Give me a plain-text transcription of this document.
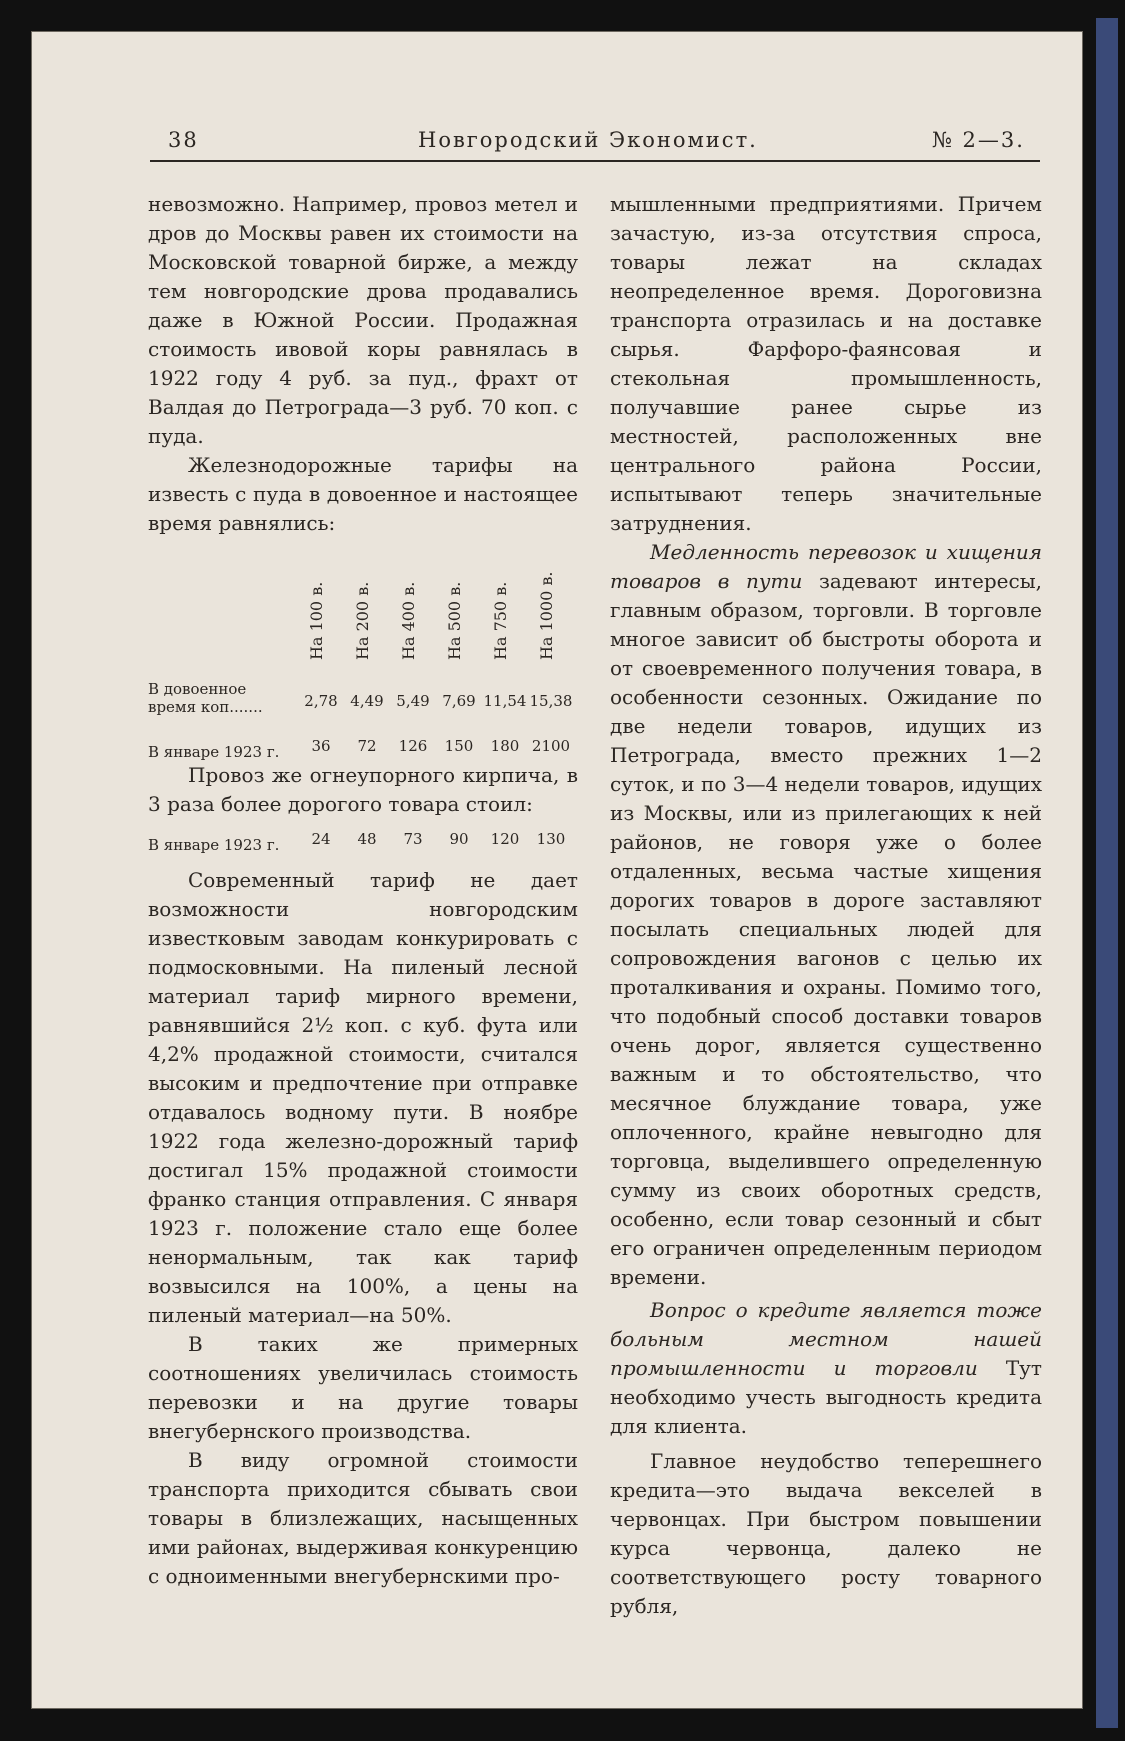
38	Новгородский Экономист.	№ 2—3.

невозможно. Например, провоз метел и дров до Москвы равен их стоимости на Московской товарной бирже, а между тем новгородские дрова продавались даже в Южной России. Продажная стоимость ивовой коры равнялась в 1922 году 4 руб. за пуд., фрахт от Валдая до Петрограда—3 руб. 70 коп. с пуда.

Железнодорожные тарифы на известь с пуда в довоенное и настоящее время равнялись:

	На 100 в.	На 200 в.	На 400 в.	На 500 в.	На 750 в.	На 1000 в.

В довоенное время коп.......	2,78	4,49	5,49	7,69	11,54	15,38

В январе 1923 г.	36	72	126	150	180	2100

Провоз же огнеупорного кирпича, в 3 раза более дорогого товара стоил:

В январе 1923 г.	24	48	73	90	120	130

Современный тариф не дает возможности новгородским известковым заводам конкурировать с подмосковными. На пиленый лесной материал тариф мирного времени, равнявшийся 2½ коп. с куб. фута или 4,2% продажной стоимости, считался высоким и предпочтение при отправке отдавалось водному пути. В ноябре 1922 года железно-дорожный тариф достигал 15% продажной стоимости франко станция отправления. С января 1923 г. положение стало еще более ненормальным, так как тариф возвысился на 100%, а цены на пиленый материал—на 50%.

В таких же примерных соотношениях увеличилась стоимость перевозки и на другие товары внегубернского производства.

В виду огромной стоимости транспорта приходится сбывать свои товары в близлежащих, насыщенных ими районах, выдерживая конкуренцию с одноименными внегубернскими про-

мышленными предприятиями. Причем зачастую, из-за отсутствия спроса, товары лежат на складах неопределенное время. Дороговизна транспорта отразилась и на доставке сырья. Фарфоро-фаянсовая и стекольная промышленность, получавшие ранее сырье из местностей, расположенных вне центрального района России, испытывают теперь значительные затруднения.

Медленность перевозок и хищения товаров в пути задевают интересы, главным образом, торговли. В торговле многое зависит об быстроты оборота и от своевременного получения товара, в особенности сезонных. Ожидание по две недели товаров, идущих из Петрограда, вместо прежних 1—2 суток, и по 3—4 недели товаров, идущих из Москвы, или из прилегающих к ней районов, не говоря уже о более отдаленных, весьма частые хищения дорогих товаров в дороге заставляют посылать специальных людей для сопровождения вагонов с целью их проталкивания и охраны. Помимо того, что подобный способ доставки товаров очень дорог, является существенно важным и то обстоятельство, что месячное блуждание товара, уже оплоченного, крайне невыгодно для торговца, выделившего определенную сумму из своих оборотных средств, особенно, если товар сезонный и сбыт его ограничен определенным периодом времени.

Вопрос о кредите является тоже больным местном нашей промышленности и торговли Тут необходимо учесть выгодность кредита для клиента.

Главное неудобство теперешнего кредита—это выдача векселей в червонцах. При быстром повышении курса червонца, далеко не соответствующего росту товарного рубля,
